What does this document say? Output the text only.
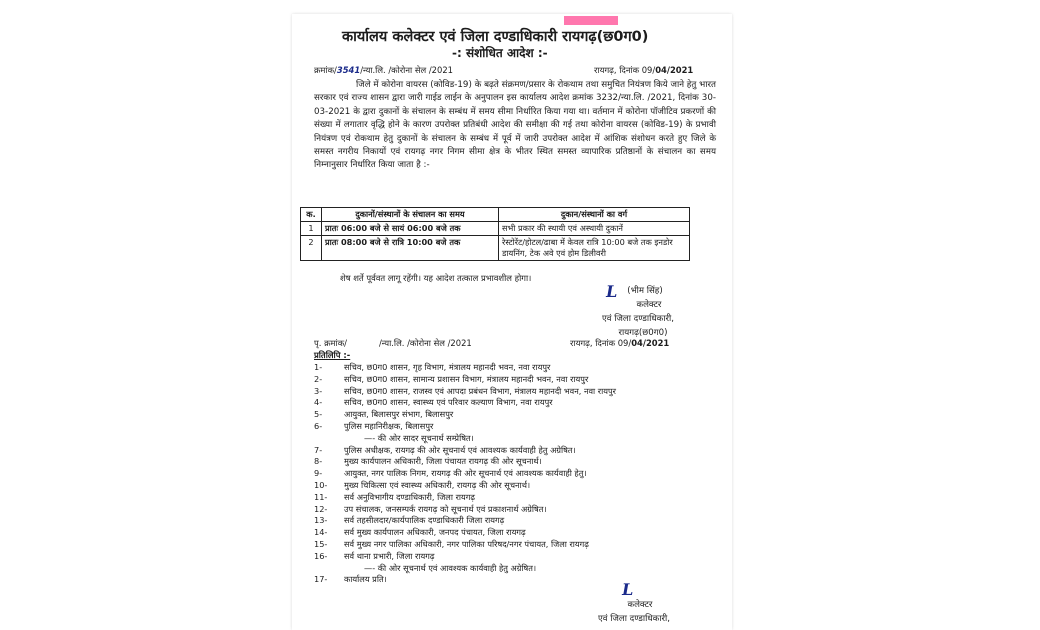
कार्यालय कलेक्टर एवं जिला दण्डाधिकारी रायगढ़(छ0ग0)
-: संशोधित आदेश :-
क्रमांक/3541/न्या.लि. /कोरोना सेल /2021	रायगढ़, दिनांक 09/04/2021
जिले में कोरोना वायरस (कोविड-19) के बढ़ते संक्रमण/प्रसार के रोकथाम तथा समुचित नियंत्रण किये जाने हेतु भारत सरकार एवं राज्य शासन द्वारा जारी गाईड लाईन के अनुपालन इस कार्यालय आदेश क्रमांक 3232/न्या.लि. /2021, दिनांक 30-03-2021 के द्वारा दुकानों के संचालन के सम्बंध में समय सीमा निर्धारित किया गया था। वर्तमान में कोरोना पॉजीटिव प्रकरणों की संख्या में लगातार वृद्धि होने के कारण उपरोक्त प्रतिबंधी आदेश की समीक्षा की गई तथा कोरोना वायरस (कोविड-19) के प्रभावी नियंत्रण एवं रोकथाम हेतु दुकानों के संचालन के सम्बंध में पूर्व में जारी उपरोक्त आदेश में आंशिक संशोधन करते हुए जिले के समस्त नगरीय निकायों एवं रायगढ़ नगर निगम सीमा क्षेत्र के भीतर स्थित समस्त व्यापारिक प्रतिष्ठानों के संचालन का समय निम्नानुसार निर्धारित किया जाता है :-
क.	दुकानों/संस्थानों के संचालन का समय	दुकान/संस्थानों का वर्ग
1	प्रातः 06:00 बजे से सायं 06:00 बजे तक	सभी प्रकार की स्थायी एवं अस्थायी दुकानें
2	प्रातः 08:00 बजे से रात्रि 10:00 बजे तक	रेस्टोरेंट/होटल/ढाबा में केवल रात्रि 10:00 बजे तक इनडोर डायनिंग, टेक अवे एवं होम डिलीवरी
शेष शर्ते पूर्ववत लागू रहेंगी। यह आदेश तत्काल प्रभावशील होगा।
L (भीम सिंह)
कलेक्टर
एवं जिला दण्डाधिकारी,
रायगढ़(छ0ग0)
पृ. क्रमांक/	/न्या.लि. /कोरोना सेल /2021	रायगढ़, दिनांक 09/04/2021
प्रतिलिपि :-
1-	सचिव, छ0ग0 शासन, गृह विभाग, मंत्रालय महानदी भवन, नवा रायपुर
2-	सचिव, छ0ग0 शासन, सामान्य प्रशासन विभाग, मंत्रालय महानदी भवन, नवा रायपुर
3-	सचिव, छ0ग0 शासन, राजस्व एवं आपदा प्रबंधन विभाग, मंत्रालय महानदी भवन, नवा रायपुर
4-	सचिव, छ0ग0 शासन, स्वास्थ्य एवं परिवार कल्याण विभाग, नवा रायपुर
5-	आयुक्त, बिलासपुर संभाग, बिलासपुर
6-	पुलिस महानिरीक्षक, बिलासपुर
—- की ओर सादर सूचनार्थ सम्प्रेषित।
7-	पुलिस अधीक्षक, रायगढ़ की ओर सूचनार्थ एवं आवश्यक कार्यवाही हेतु अग्रेषित।
8-	मुख्य कार्यपालन अधिकारी, जिला पंचायत रायगढ़ की ओर सूचनार्थ।
9-	आयुक्त, नगर पालिक निगम, रायगढ़ की ओर सूचनार्थ एवं आवश्यक कार्यवाही हेतु।
10-	मुख्य चिकित्सा एवं स्वास्थ्य अधिकारी, रायगढ़ की ओर सूचनार्थ।
11-	सर्व अनुविभागीय दण्डाधिकारी, जिला रायगढ़
12-	उप संचालक, जनसम्पर्क रायगढ़ को सूचनार्थ एवं प्रकाशनार्थ अग्रेषित।
13-	सर्व तहसीलदार/कार्यपालिक दण्डाधिकारी जिला रायगढ़
14-	सर्व मुख्य कार्यपालन अधिकारी, जनपद पंचायत, जिला रायगढ़
15-	सर्व मुख्य नगर पालिका अधिकारी, नगर पालिका परिषद/नगर पंचायत, जिला रायगढ़
16-	सर्व थाना प्रभारी, जिला रायगढ़
—- की ओर सूचनार्थ एवं आवश्यक कार्यवाही हेतु अग्रेषित।
17-	कार्यालय प्रति।
L
कलेक्टर
एवं जिला दण्डाधिकारी,
